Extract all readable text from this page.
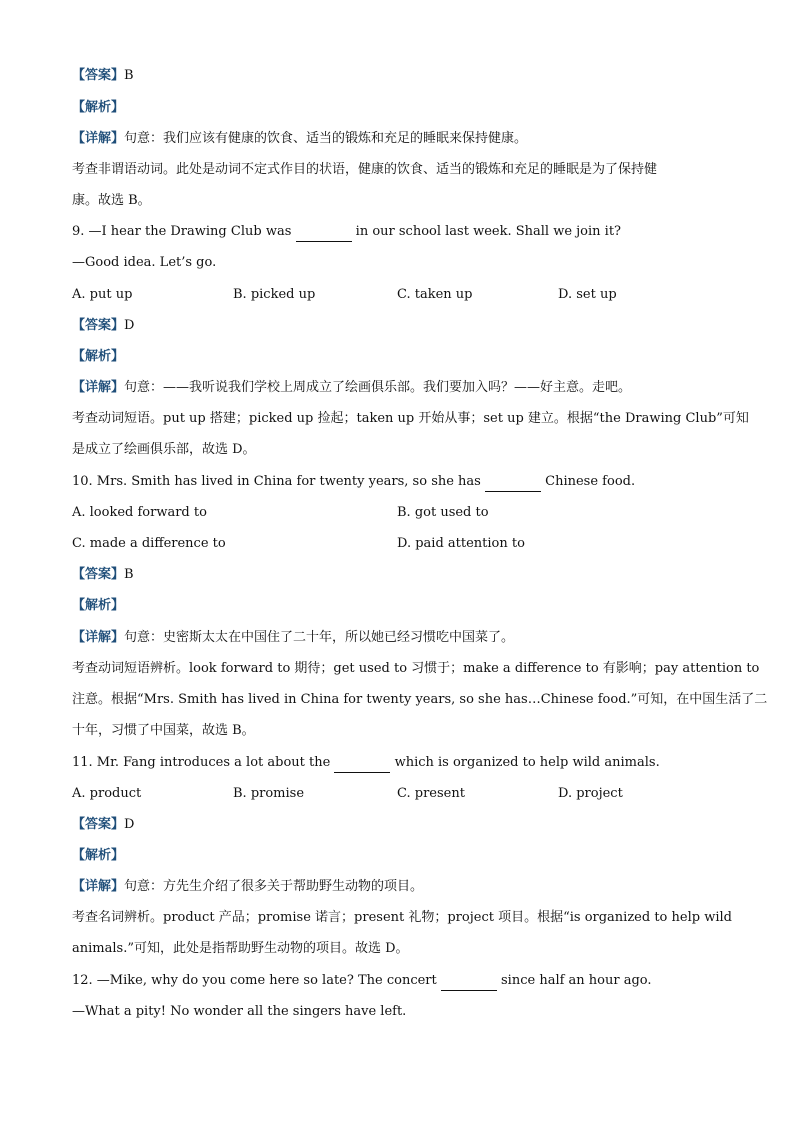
【答案】B
【解析】
【详解】句意：我们应该有健康的饮食、适当的锻炼和充足的睡眠来保持健康。
考查非谓语动词。此处是动词不定式作目的状语，健康的饮食、适当的锻炼和充足的睡眠是为了保持健
康。故选 B。
9. —I hear the Drawing Club was	in our school last week. Shall we join it?
—Good idea. Let’s go.
A. put up	B. picked up	C. taken up	D. set up
【答案】D
【解析】
【详解】句意：——我听说我们学校上周成立了绘画俱乐部。我们要加入吗？——好主意。走吧。
考查动词短语。put up 搭建；picked up 捡起；taken up 开始从事；set up 建立。根据“the Drawing Club”可知
是成立了绘画俱乐部，故选 D。
10. Mrs. Smith has lived in China for twenty years, so she has	Chinese food.
A. looked forward to	B. got used to
C. made a difference to	D. paid attention to
【答案】B
【解析】
【详解】句意：史密斯太太在中国住了二十年，所以她已经习惯吃中国菜了。
考查动词短语辨析。look forward to 期待；get used to 习惯于；make a difference to 有影响；pay attention to
注意。根据“Mrs. Smith has lived in China for twenty years, so she has…Chinese food.”可知，在中国生活了二
十年，习惯了中国菜，故选 B。
11. Mr. Fang introduces a lot about the	which is organized to help wild animals.
A. product	B. promise	C. present	D. project
【答案】D
【解析】
【详解】句意：方先生介绍了很多关于帮助野生动物的项目。
考查名词辨析。product 产品；promise 诺言；present 礼物；project 项目。根据“is organized to help wild
animals.”可知，此处是指帮助野生动物的项目。故选 D。
12. —Mike, why do you come here so late? The concert	since half an hour ago.
—What a pity! No wonder all the singers have left.
